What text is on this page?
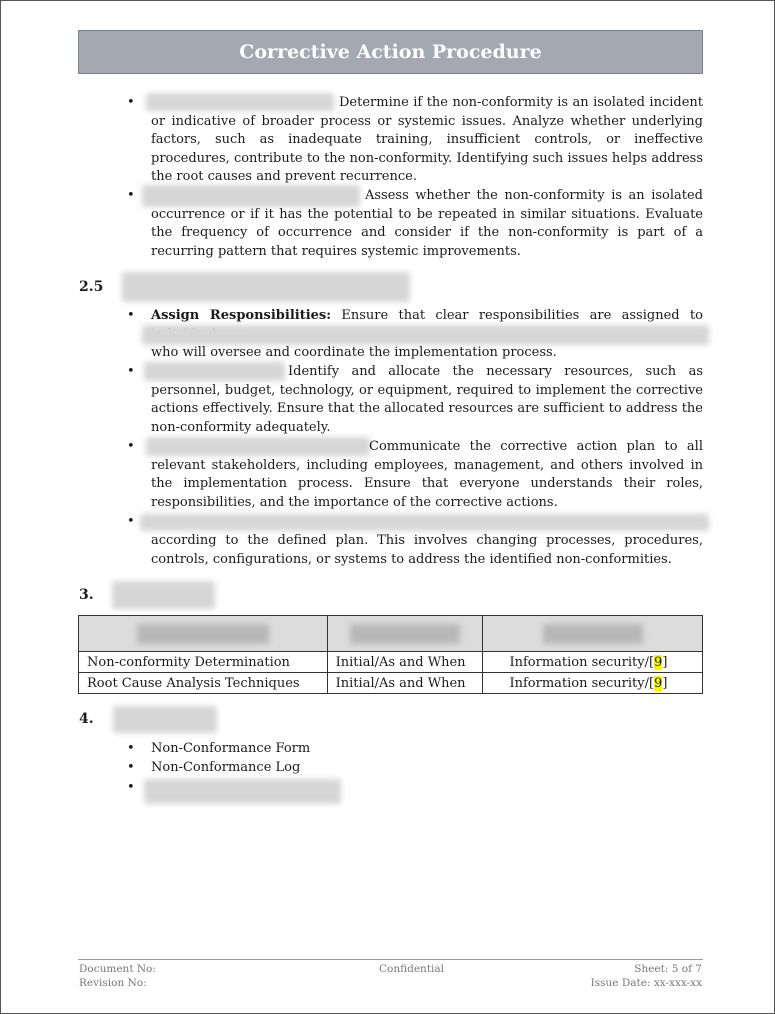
Corrective Action Procedure
•	Determine if the non-conformity is an isolated incident or indicative of broader process or systemic issues. Analyze whether underlying factors, such as inadequate training, insufficient controls, or ineffective procedures, contribute to the non-conformity. Identifying such issues helps address the root causes and prevent recurrence.
•	Assess whether the non-conformity is an isolated occurrence or if it has the potential to be repeated in similar situations. Evaluate the frequency of occurrence and consider if the non-conformity is part of a recurring pattern that requires systemic improvements.
2.5
• Assign Responsibilities: Ensure that clear responsibilities are assigned to
who will oversee and coordinate the implementation process.
•	Identify and allocate the necessary resources, such as personnel, budget, technology, or equipment, required to implement the corrective actions effectively. Ensure that the allocated resources are sufficient to address the non-conformity adequately.
•	Communicate the corrective action plan to all relevant stakeholders, including employees, management, and others involved in the implementation process. Ensure that everyone understands their roles, responsibilities, and the importance of the corrective actions.
•
according to the defined plan. This involves changing processes, procedures, controls, configurations, or systems to address the identified non-conformities.
3.

Non-conformity Determination	Initial/As and When	Information security/[9]
Root Cause Analysis Techniques	Initial/As and When	Information security/[9]
4.
• Non-Conformance Form
• Non-Conformance Log
•
Document No:
Revision No:
Confidential	Sheet: 5 of 7
Issue Date: xx-xxx-xx
